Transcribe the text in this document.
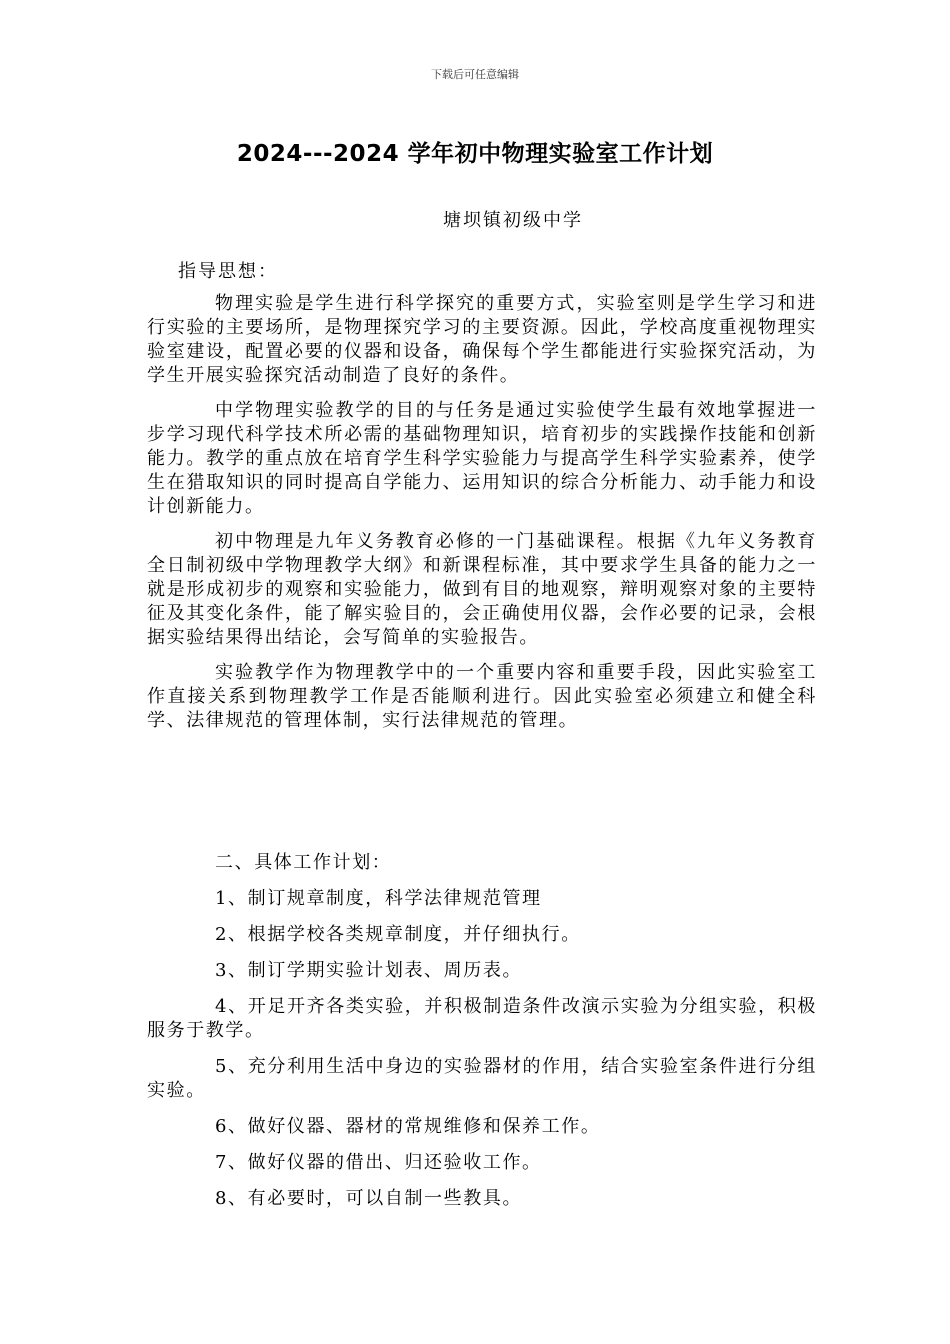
下载后可任意编辑
2024---2024 学年初中物理实验室工作计划
塘坝镇初级中学
指导思想：

物理实验是学生进行科学探究的重要方式，实验室则是学生学习和进行实验的主要场所，是物理探究学习的主要资源。因此，学校高度重视物理实验室建设，配置必要的仪器和设备，确保每个学生都能进行实验探究活动，为学生开展实验探究活动制造了良好的条件。

中学物理实验教学的目的与任务是通过实验使学生最有效地掌握进一步学习现代科学技术所必需的基础物理知识，培育初步的实践操作技能和创新能力。教学的重点放在培育学生科学实验能力与提高学生科学实验素养，使学生在猎取知识的同时提高自学能力、运用知识的综合分析能力、动手能力和设计创新能力。

初中物理是九年义务教育必修的一门基础课程。根据《九年义务教育全日制初级中学物理教学大纲》和新课程标准，其中要求学生具备的能力之一就是形成初步的观察和实验能力，做到有目的地观察，辩明观察对象的主要特征及其变化条件，能了解实验目的，会正确使用仪器，会作必要的记录，会根据实验结果得出结论，会写简单的实验报告。

实验教学作为物理教学中的一个重要内容和重要手段，因此实验室工作直接关系到物理教学工作是否能顺利进行。因此实验室必须建立和健全科学、法律规范的管理体制，实行法律规范的管理。

二、具体工作计划：

1、制订规章制度，科学法律规范管理

2、根据学校各类规章制度，并仔细执行。

3、制订学期实验计划表、周历表。

4、开足开齐各类实验，并积极制造条件改演示实验为分组实验，积极服务于教学。

5、充分利用生活中身边的实验器材的作用，结合实验室条件进行分组实验。

6、做好仪器、器材的常规维修和保养工作。

7、做好仪器的借出、归还验收工作。

8、有必要时，可以自制一些教具。
